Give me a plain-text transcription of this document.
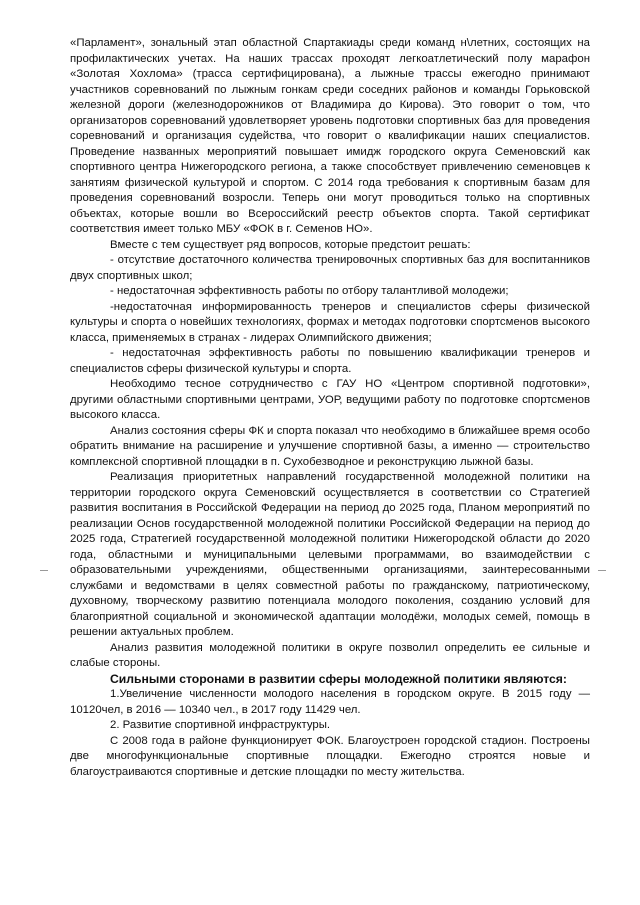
«Парламент», зональный этап областной Спартакиады среди команд н\летних, состоящих на профилактических учетах. На наших трассах проходят легкоатлетический полу марафон «Золотая Хохлома» (трасса сертифицирована), а лыжные трассы ежегодно принимают участников соревнований по лыжным гонкам среди соседних районов и команды Горьковской железной дороги (железнодорожников от Владимира до Кирова). Это говорит о том, что организаторов соревнований удовлетворяет уровень подготовки спортивных баз для проведения соревнований и организация судейства, что говорит о квалификации наших специалистов. Проведение названных мероприятий повышает имидж городского округа Семеновский как спортивного центра Нижегородского региона, а также способствует привлечению семеновцев к занятиям физической культурой и спортом. С 2014 года требования к спортивным базам для проведения соревнований возросли. Теперь они могут проводиться только на спортивных объектах, которые вошли во Всероссийский реестр объектов спорта. Такой сертификат соответствия имеет только МБУ «ФОК в г. Семенов НО».

Вместе с тем существует ряд вопросов, которые предстоит решать:

- отсутствие достаточного количества тренировочных спортивных баз для воспитанников двух спортивных школ;

- недостаточная эффективность работы по отбору талантливой молодежи;

-недостаточная информированность тренеров и специалистов сферы физической культуры и спорта о новейших технологиях, формах и методах подготовки спортсменов высокого класса, применяемых в странах - лидерах Олимпийского движения;

- недостаточная эффективность работы по повышению квалификации тренеров и специалистов сферы физической культуры и спорта.

Необходимо тесное сотрудничество с ГАУ НО «Центром спортивной подготовки», другими областными спортивными центрами, УОР, ведущими работу по подготовке спортсменов высокого класса.

Анализ состояния сферы ФК и спорта показал что необходимо в ближайшее время особо обратить внимание на расширение и улучшение спортивной базы, а именно — строительство комплексной спортивной площадки в п. Сухобезводное и реконструкцию лыжной базы.

Реализация приоритетных направлений государственной молодежной политики на территории городского округа Семеновский осуществляется в соответствии со Стратегией развития воспитания в Российской Федерации на период до 2025 года, Планом мероприятий по реализации Основ государственной молодежной политики Российской Федерации на период до 2025 года, Стратегией государственной молодежной политики Нижегородской области до 2020 года, областными и муниципальными целевыми программами, во взаимодействии с образовательными учреждениями, общественными организациями, заинтересованными службами и ведомствами в целях совместной работы по гражданскому, патриотическому, духовному, творческому развитию потенциала молодого поколения, созданию условий для благоприятной социальной и экономической адаптации молодёжи, молодых семей, помощь в решении актуальных проблем.

Анализ развития молодежной политики в округе позволил определить ее сильные и слабые стороны.

Сильными сторонами в развитии сферы молодежной политики являются:

1.Увеличение численности молодого населения в городском округе. В 2015 году — 10120чел, в 2016 — 10340 чел., в 2017 году 11429 чел.

2. Развитие спортивной инфраструктуры.

С 2008 года в районе функционирует ФОК. Благоустроен городской стадион. Построены две многофункциональные спортивные площадки. Ежегодно строятся новые и благоустраиваются спортивные и детские площадки по месту жительства.
